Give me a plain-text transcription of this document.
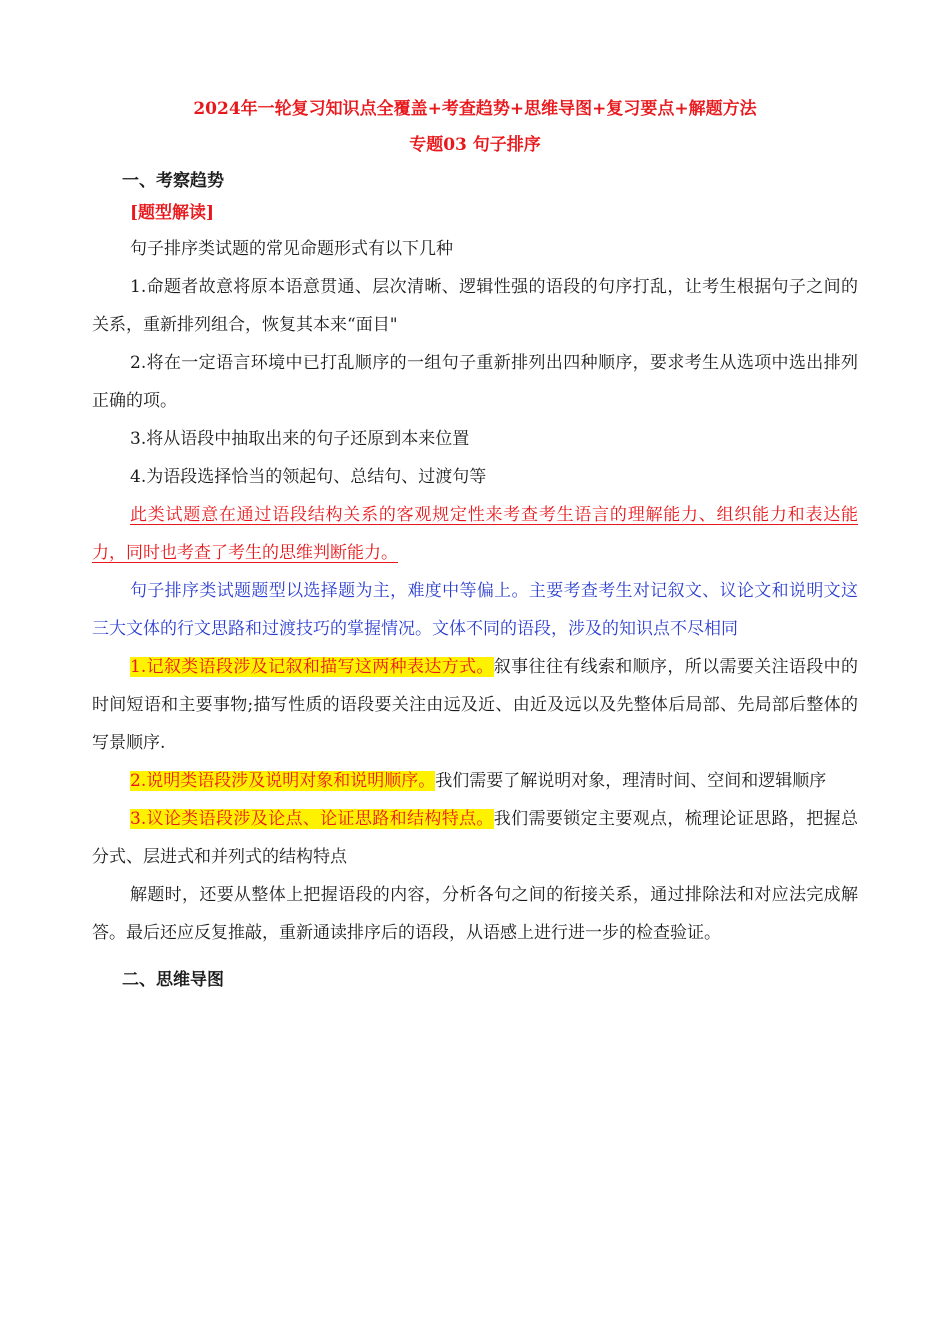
2024年一轮复习知识点全覆盖+考查趋势+思维导图+复习要点+解题方法
专题03 句子排序
一、考察趋势
[题型解读]

句子排序类试题的常见命题形式有以下几种

1.命题者故意将原本语意贯通、层次清晰、逻辑性强的语段的句序打乱，让考生根据句子之间的关系，重新排列组合，恢复其本来“面目"

2.将在一定语言环境中已打乱顺序的一组句子重新排列出四种顺序，要求考生从选项中选出排列正确的项。

3.将从语段中抽取出来的句子还原到本来位置

4.为语段选择恰当的领起句、总结句、过渡句等

此类试题意在通过语段结构关系的客观规定性来考查考生语言的理解能力、组织能力和表达能力，同时也考查了考生的思维判断能力。

句子排序类试题题型以选择题为主，难度中等偏上。主要考查考生对记叙文、议论文和说明文这三大文体的行文思路和过渡技巧的掌握情况。文体不同的语段，涉及的知识点不尽相同

1.记叙类语段涉及记叙和描写这两种表达方式。叙事往往有线索和顺序，所以需要关注语段中的时间短语和主要事物;描写性质的语段要关注由远及近、由近及远以及先整体后局部、先局部后整体的写景顺序.

2.说明类语段涉及说明对象和说明顺序。我们需要了解说明对象，理清时间、空间和逻辑顺序

3.议论类语段涉及论点、论证思路和结构特点。我们需要锁定主要观点，梳理论证思路，把握总分式、层进式和并列式的结构特点

解题时，还要从整体上把握语段的内容，分析各句之间的衔接关系，通过排除法和对应法完成解答。最后还应反复推敲，重新通读排序后的语段，从语感上进行进一步的检查验证。

二、思维导图
